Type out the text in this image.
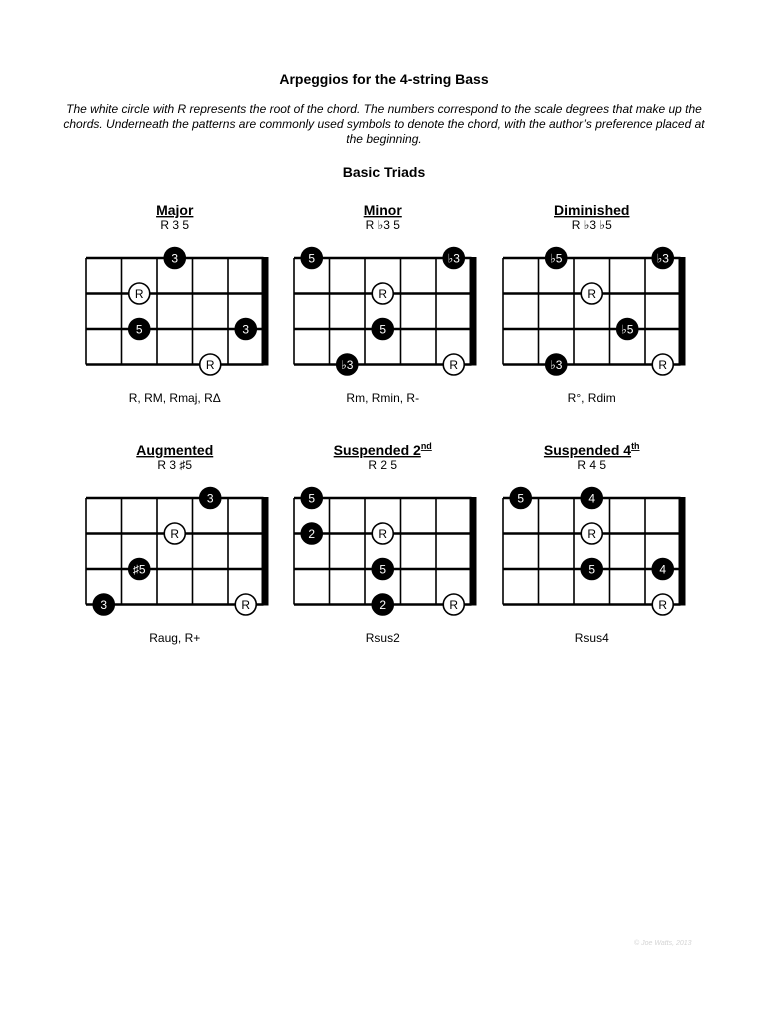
Arpeggios for the 4-string Bass
The white circle with R represents the root of the chord. The numbers correspond to the scale degrees that make up the chords. Underneath the patterns are commonly used symbols to denote the chord, with the author’s preference placed at the beginning.
Basic Triads
Major
R 3 5
3
R
5	3
R
R, RM, Rmaj, RΔ
Minor
R ♭3 5
5	♭3
R
5
♭3	R
Rm, Rmin, R-
Diminished
R ♭3 ♭5
♭5	♭3
R
♭5
♭3	R
R°, Rdim
Augmented
R 3 ♯5
3
R
♯5
3	R
Raug, R+
Suspended 2nd
R 2 5
5
2	R
5
2	R
Rsus2
Suspended 4th
R 4 5
5	4
R
5	4
R
Rsus4
© Joe Watts, 2013
